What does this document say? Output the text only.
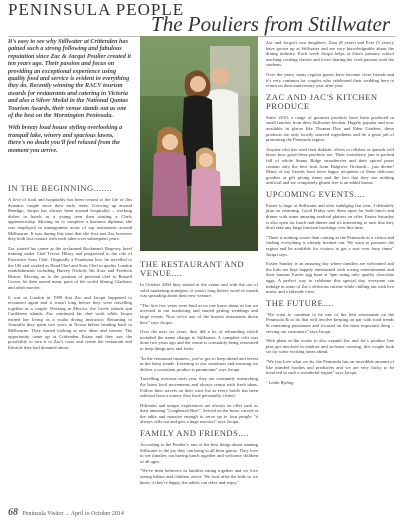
PENINSULA PEOPLE
The Pouliers from Stillwater

It's easy to see why Stillwater at Crittenden has gained such a strong following and fabulous reputation since Zac & Jacqui Poulier created it ten years ago. Their passion and focus on providing an exceptional experience using quality food and service is evident in everything they do. Recently winning the RACV tourism awards for restaurants and catering in Victoria and also a Silver Medal in the National Qantas Tourism Awards, their venue stands out as one of the best on the Mornington Peninsula.

With breezy loud house styling overlooking a tranquil lake, winery and spacious lawns, there's no doubt you'll feel relaxed from the moment you arrive.

IN THE BEGINNING.......

A love of food and hospitality has been central to the life of this dynamic couple since their early teens. Growing up around Bendigo, Jacqui has always been around hospitality – working dishes in hotels as a young teen then starting a Chefs apprenticeship. Moving on to complete a business diploma, she was employed in management areas of top restaurants around Melbourne. It was during this time that she first met Zac however they both lost contact with each other over subsequent years.

Zac started his career at the acclaimed Rockman's Regency hotel training under Chef Trevor Hilsey and progressed to the role of Executive Sous Chef. Originally a Frankston boy, he travelled to the UK and worked as Head Chef and Sous Chef in quality London establishments including Harvey Nichols 5th floor and Fredrick Bistrot. Moving on to the position of personal chef to Russell Crowe, he then toured many parts of the world filming Gladiator and other movies.

It was in London in 1999 that Zac and Jacqui happened to reconnect again and it wasn't long before they were travelling together as a couple. Working in Mexico, the Greek islands and Caribbean islands, Zac continued his chef work while Jacqui earned her living as a scuba diving instructor. Returning to Australia they spent two years in Noosa before heading back to Melbourne. They started looking at new ideas and venues. The opportunity came up at Crittenden Estate and they saw the possibility to turn it to Zac's roots and create the restaurant and lifestyle they had dreamed about.

THE RESTAURANT AND VENUE....

In October 2004 they started at the venue and with the use of solid marketing strategies, it wasn't long before word of mouth was spreading about their new venture.

"The first few years were hard as no one knew about us but we invested in our marketing and started getting weddings and large events. Now we're one of the busiest restaurants down here" says Jacqui.

Over the next six years, they did a lot of rebranding which included the name change to Stillwater. A complete refit was done two years ago and the venue is constantly being renovated to keep things new and fresh.

"In the restaurant business, you've got to keep ahead and invest in the latest trends. Listening to our customers and ensuring we deliver a consistent product is paramount" says Jacqui.

Travelling overseas each year, they are constantly researching the latest food movements and always return with fresh ideas. Follow their travels on their wine list as every bottle has been selected from a winery they have personally visited.

Different and unique experiences are always on offer such as their amazing "Longbeach Beef". Served on the bone, carved at the table and massive enough to serve up to four people "it always sells out and gets a huge reaction" says Jacqui.

FAMILY AND FRIENDS....

According to the Poulier's, one of the best things about running Stillwater is the joy they can bring to all their guests. They love to see families out having lunch together and welcome children of all ages.

"We've been believers in families eating together and we love seeing babies and children arrive. We look after the kids so we know if they're happy, the adults can relax and enjoy."

Zac and Jacqui's two daughters, Zara (8 years) and Evie (5 years), have grown up at Stillwater and are very knowledgeable about the dining industry. Each week Jacqui helps at Zara's primary school teaching cooking classes and loves sharing her food passion with the students.

Over the years, many regular guests have become close friends and it's very common for couples who celebrated their wedding here to return on their anniversary year after year.

ZAC AND JAC'S KITCHEN PRODUCE

Since 2010, a range of gourmet products have been produced in small batches from their Stillwater kitchen. Hugely popular and now available in places like Thomas Dux and Eden Gardens, these products are only locally sourced ingredients and do a great job of promoting the Peninsula region.

Anyone who has tried their dukkah, olives or relishes or spreads will know how good these products are. Their strawberry jam is packed full of whole Sunny Ridge strawberries and their spiced pears contain only the best fruit from Dalgrove Orchards... just divine! Many of my friends have been happy recipients of these delicious goodies at gift giving times and the fact that they use nothing artificial and are completely gluten free is an added bonus.

UPCOMING EVENTS....

Easter is huge at Stillwater and after indulging last year, I definitely plan on returning. Good Friday sees them open for both lunch and dinner with some amazing seafood platters on offer. Easter Saturday is also open for lunch and dinner and it's interesting to note that they don't take any large function bookings over this time.

"There is nothing worse than coming to the Peninsula as a visitor and finding everything is already booked out. We want to promote the region and be available for visitors to get a seat over busy times" Jacqui says.

Easter Sunday is an amazing day where families are welcomed and the kids are kept happily entertained with roving entertainment and their famous Easter egg hunt at 3pm using only quality chocolate eggs. A perfect way to celebrate this special day, everyone can indulge in some of Zac's delicious cuisine while chilling out with live music and a lakeside view.

THE FUTURE....

"We want to continue to be one of the best restaurants on the Peninsula & to do that will involve keeping on par with food trends & remaining passionate and focused on the most important thing – serving our customers" says Jacqui.

With plans in the works to also expand Zac and Jac's produce line plus get involved in outdoor and in-home catering, this couple look set for some exciting times ahead.

"We just love what we do, the Peninsula has an incredible amount of like minded foodies and producers and we are very lucky to be involved in such a wonderful region" says Jacqui.

- Linda Ryding

68 Peninsula Visitor ... April to October 2014
